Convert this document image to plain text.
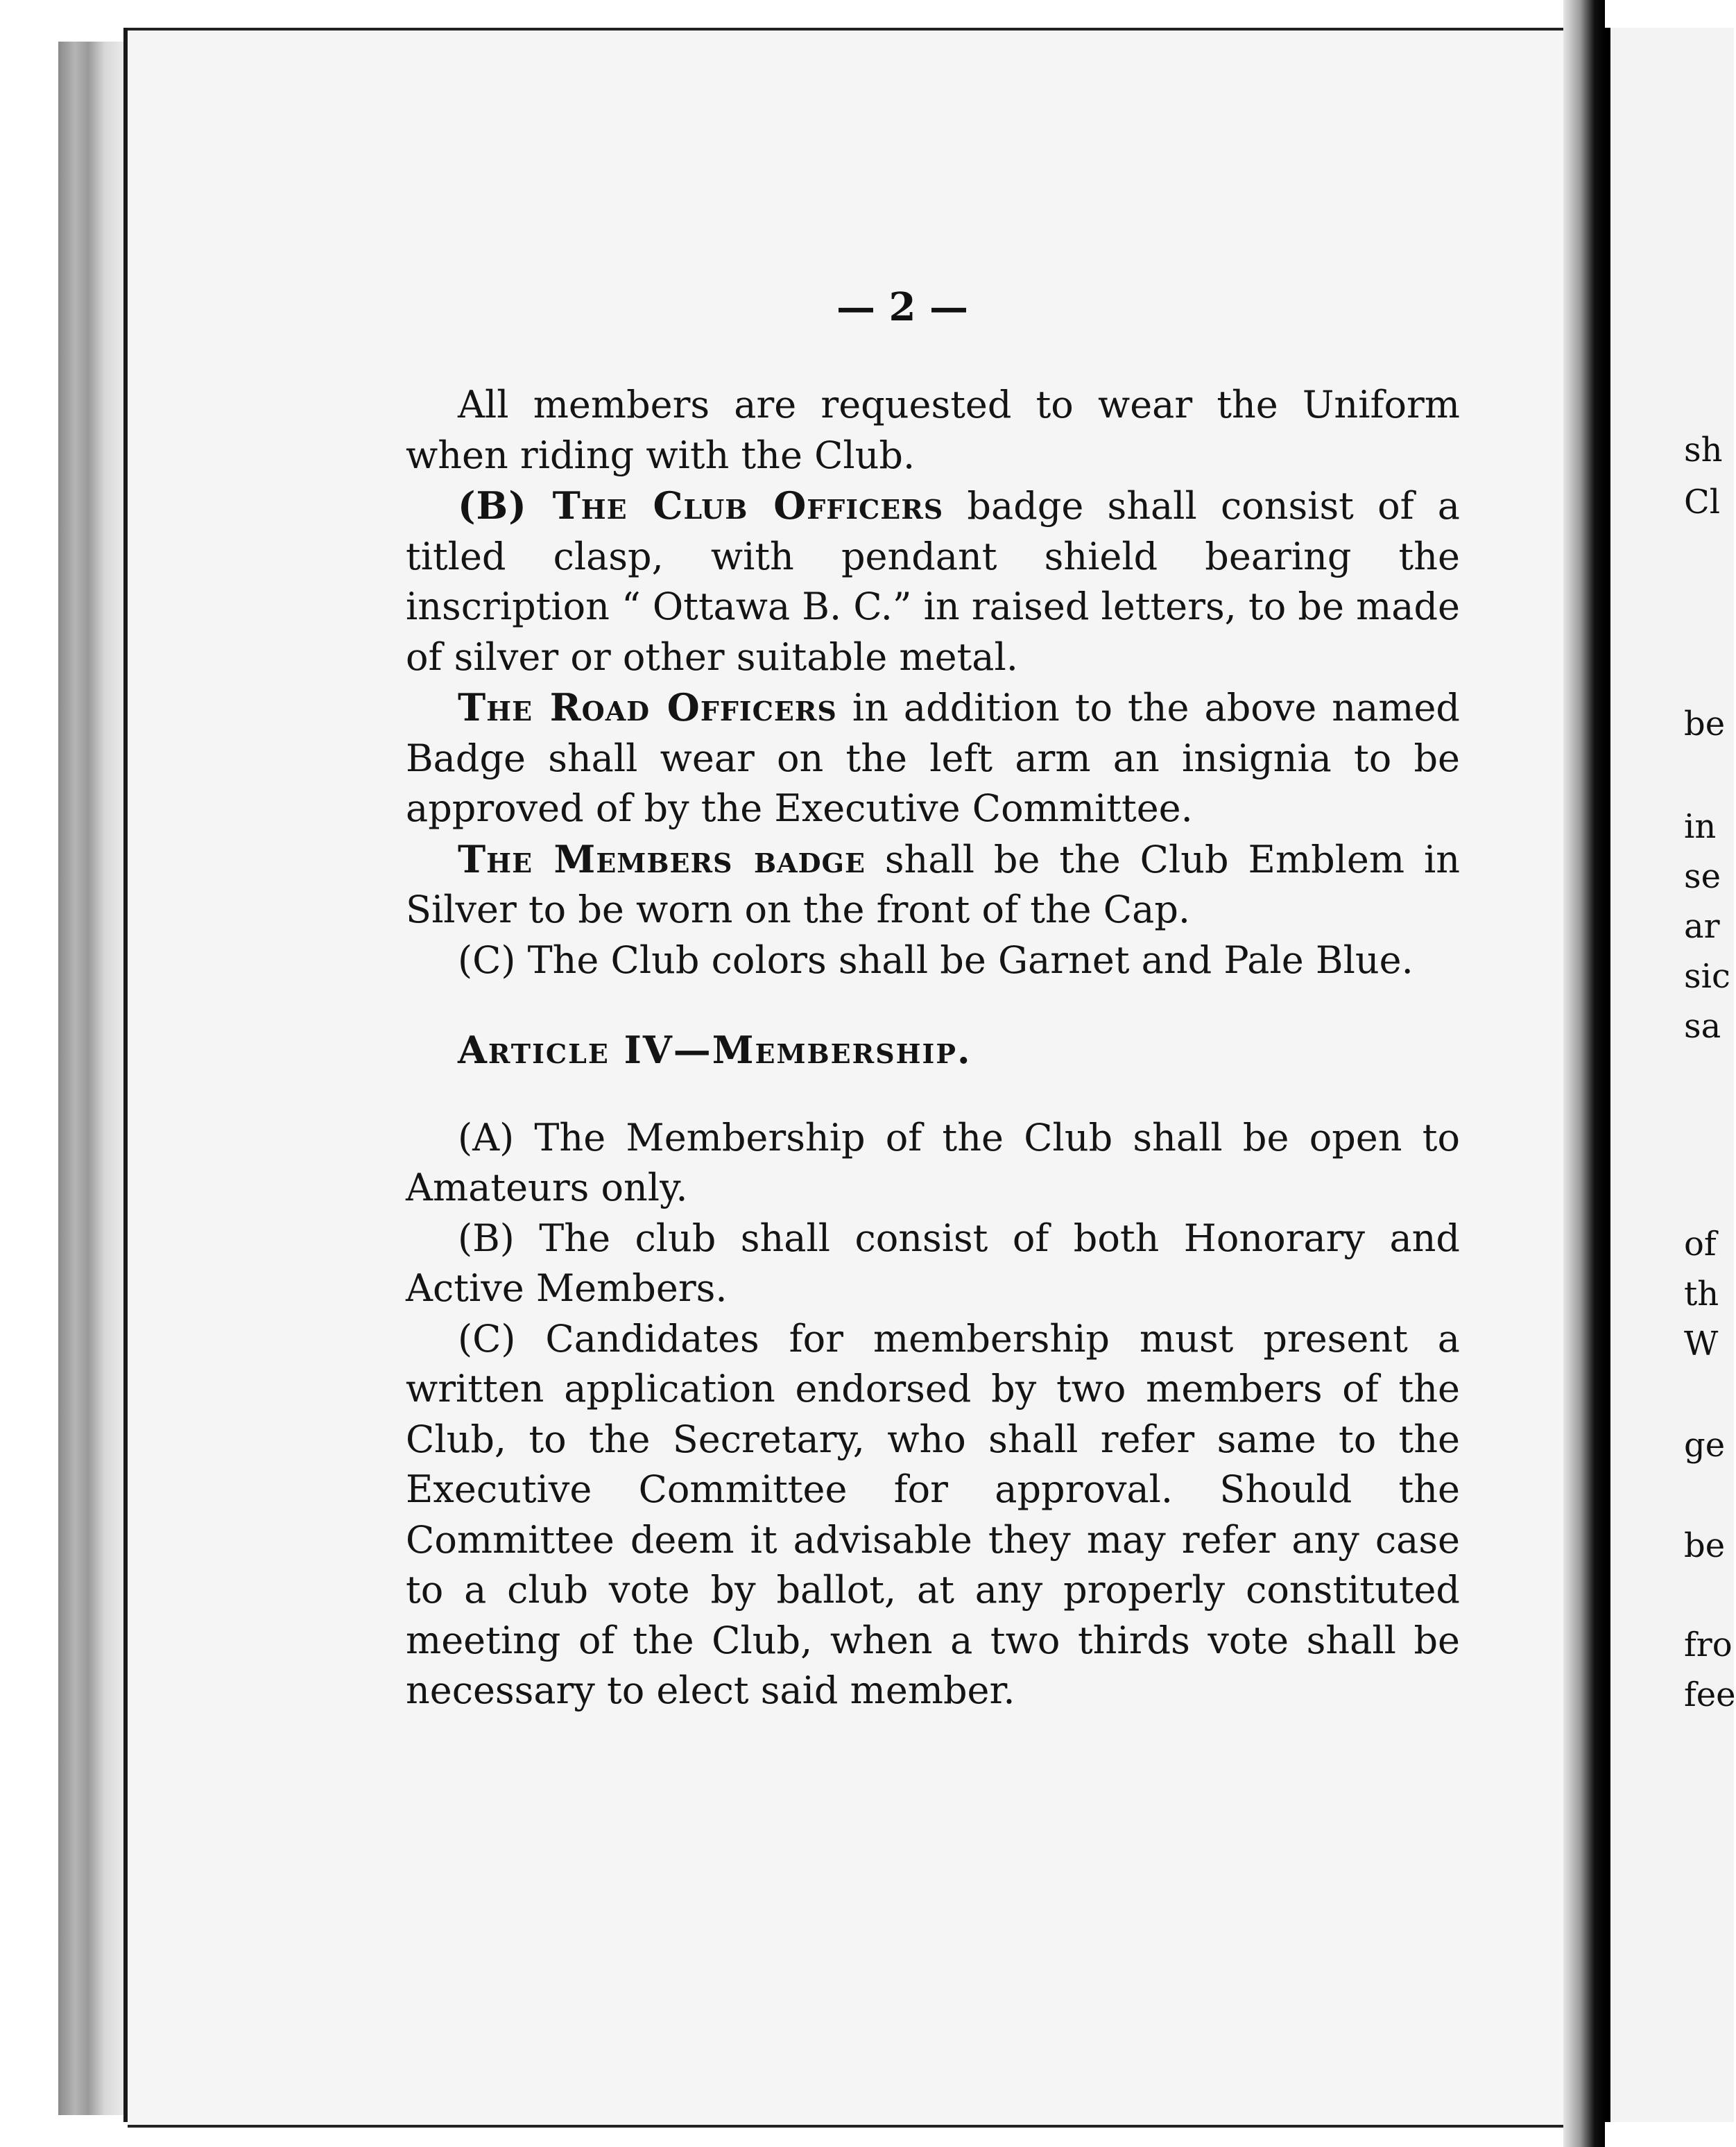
— 2 —

All members are requested to wear the Uniform when riding with the Club.

(B) The Club Officers badge shall consist of a titled clasp, with pendant shield bearing the inscription “ Ottawa B. C.” in raised letters, to be made of silver or other suitable metal.

The Road Officers in addition to the above named Badge shall wear on the left arm an insignia to be approved of by the Executive Committee.

The Members badge shall be the Club Emblem in Silver to be worn on the front of the Cap.

(C) The Club colors shall be Garnet and Pale Blue.

Article IV—Membership.

(A) The Membership of the Club shall be open to Amateurs only.

(B) The club shall consist of both Honorary and Active Members.

(C) Candidates for membership must present a written application endorsed by two members of the Club, to the Secretary, who shall refer same to the Executive Committee for approval. Should the Committee deem it advisable they may refer any case to a club vote by ballot, at any properly constituted meeting of the Club, when a two thirds vote shall be necessary to elect said member.

sh
Cl
be
in
se
ar
sic
sa
of
th
W
ge
be
fro
fee
